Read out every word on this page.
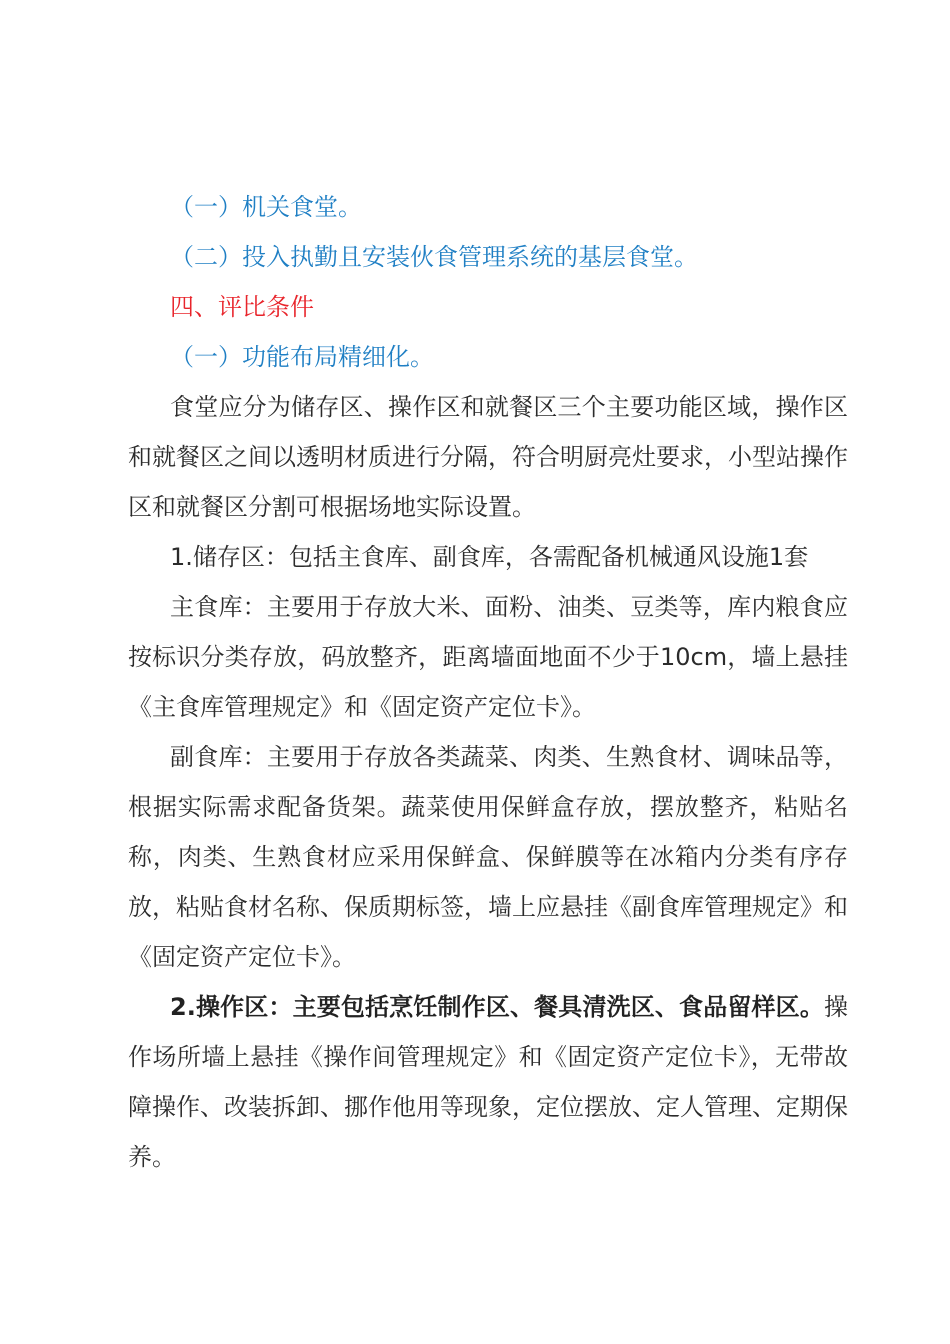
（一）机关食堂。

（二）投入执勤且安装伙食管理系统的基层食堂。

四、评比条件

（一）功能布局精细化。

食堂应分为储存区、操作区和就餐区三个主要功能区域，操作区和就餐区之间以透明材质进行分隔，符合明厨亮灶要求，小型站操作区和就餐区分割可根据场地实际设置。

1.储存区：包括主食库、副食库，各需配备机械通风设施1套

主食库：主要用于存放大米、面粉、油类、豆类等，库内粮食应按标识分类存放，码放整齐，距离墙面地面不少于10cm，墙上悬挂《主食库管理规定》和《固定资产定位卡》。

副食库：主要用于存放各类蔬菜、肉类、生熟食材、调味品等，根据实际需求配备货架。蔬菜使用保鲜盒存放，摆放整齐，粘贴名称，肉类、生熟食材应采用保鲜盒、保鲜膜等在冰箱内分类有序存放，粘贴食材名称、保质期标签，墙上应悬挂《副食库管理规定》和《固定资产定位卡》。

2.操作区：主要包括烹饪制作区、餐具清洗区、食品留样区。操作场所墙上悬挂《操作间管理规定》和《固定资产定位卡》，无带故障操作、改装拆卸、挪作他用等现象，定位摆放、定人管理、定期保养。
